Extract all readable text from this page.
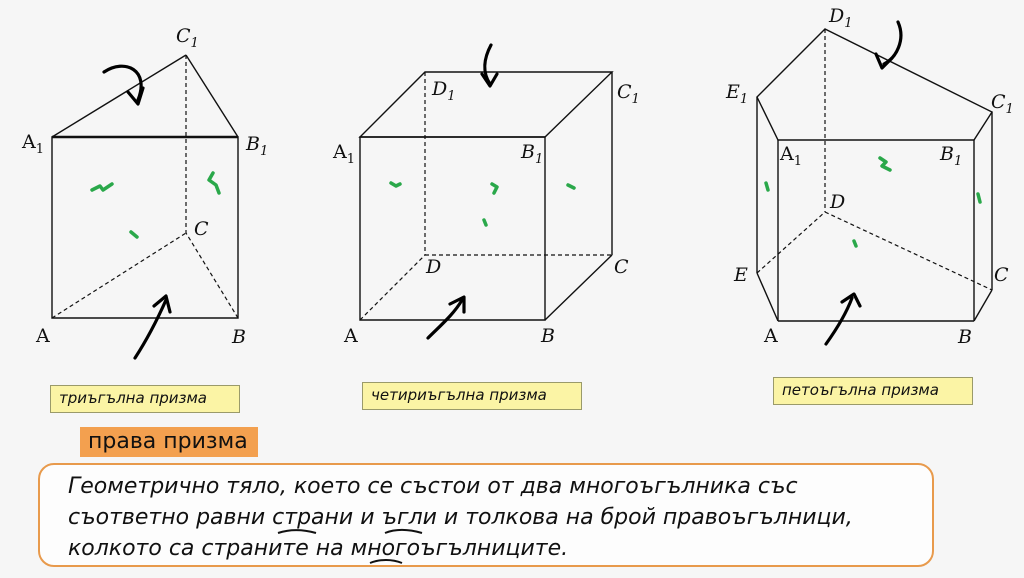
$C_1$
$A_1$	$B_1$
C
A	B
$D_1$	$C_1$
$A_1$	$B_1$
D	C
A	B
$D_1$
$E_1$	$C_1$
$A_1$	$B_1$
D
E	C
A	B
триъгълна призма	четириъгълна призма	петоъгълна призма
права призма
Геометрично тяло, което се състои от два многоъгълника със
съответно равни страни и ъгли и толкова на брой правоъгълници,
колкото са страните на многоъгълниците.
